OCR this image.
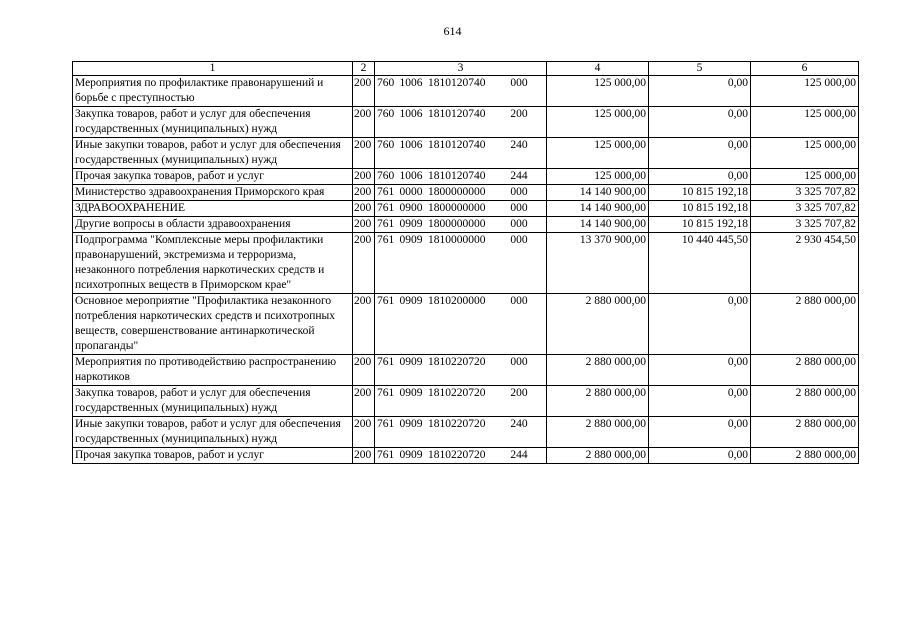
614
1	2	3	4	5	6
Мероприятия по профилактике правонарушений и борьбе с преступностью	200	760 1006 1810120740 000	125 000,00	0,00	125 000,00
Закупка товаров, работ и услуг для обеспечения государственных (муниципальных) нужд	200	760 1006 1810120740 200	125 000,00	0,00	125 000,00
Иные закупки товаров, работ и услуг для обеспечения государственных (муниципальных) нужд	200	760 1006 1810120740 240	125 000,00	0,00	125 000,00
Прочая закупка товаров, работ и услуг	200	760 1006 1810120740 244	125 000,00	0,00	125 000,00
Министерство здравоохранения Приморского края	200	761 0000 1800000000 000	14 140 900,00	10 815 192,18	3 325 707,82
ЗДРАВООХРАНЕНИЕ	200	761 0900 1800000000 000	14 140 900,00	10 815 192,18	3 325 707,82
Другие вопросы в области здравоохранения	200	761 0909 1800000000 000	14 140 900,00	10 815 192,18	3 325 707,82
Подпрограмма "Комплексные меры профилактики правонарушений, экстремизма и терроризма, незаконного потребления наркотических средств и психотропных веществ в Приморском крае"	200	761 0909 1810000000 000	13 370 900,00	10 440 445,50	2 930 454,50
Основное мероприятие "Профилактика незаконного потребления наркотических средств и психотропных веществ, совершенствование антинаркотической пропаганды"	200	761 0909 1810200000 000	2 880 000,00	0,00	2 880 000,00
Мероприятия по противодействию распространению наркотиков	200	761 0909 1810220720 000	2 880 000,00	0,00	2 880 000,00
Закупка товаров, работ и услуг для обеспечения государственных (муниципальных) нужд	200	761 0909 1810220720 200	2 880 000,00	0,00	2 880 000,00
Иные закупки товаров, работ и услуг для обеспечения государственных (муниципальных) нужд	200	761 0909 1810220720 240	2 880 000,00	0,00	2 880 000,00
Прочая закупка товаров, работ и услуг	200	761 0909 1810220720 244	2 880 000,00	0,00	2 880 000,00
